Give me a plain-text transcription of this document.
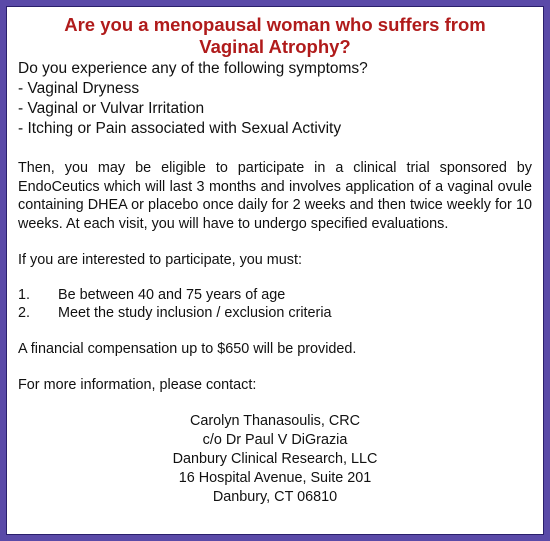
Are you a menopausal woman who suffers from
Vaginal Atrophy?
Do you experience any of the following symptoms?
- Vaginal Dryness
- Vaginal or Vulvar Irritation
- Itching or Pain associated with Sexual Activity
Then, you may be eligible to participate in a clinical trial sponsored by EndoCeutics which will last 3 months and involves application of a vaginal ovule containing DHEA or placebo once daily for 2 weeks and then twice weekly for 10 weeks. At each visit, you will have to undergo specified evaluations.
If you are interested to participate, you must:
1.	Be between 40 and 75 years of age
2.	Meet the study inclusion / exclusion criteria
A financial compensation up to $650 will be provided.
For more information, please contact:
Carolyn Thanasoulis, CRC
c/o Dr Paul V DiGrazia
Danbury Clinical Research, LLC
16 Hospital Avenue, Suite 201
Danbury, CT 06810
